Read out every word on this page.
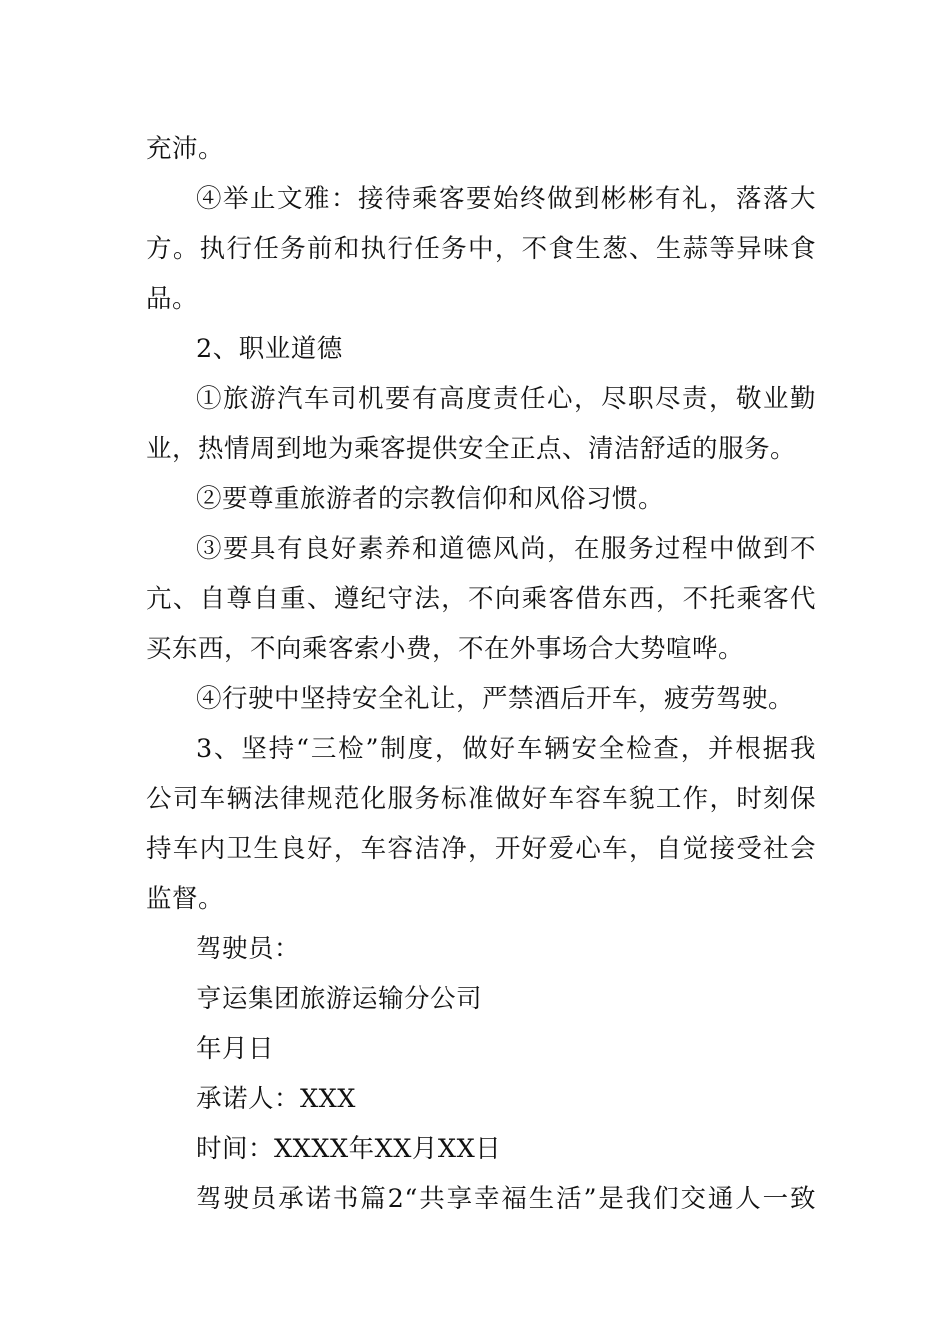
充沛。
④举止文雅：接待乘客要始终做到彬彬有礼，落落大
方。执行任务前和执行任务中，不食生葱、生蒜等异味食
品。
2、职业道德
①旅游汽车司机要有高度责任心，尽职尽责，敬业勤
业，热情周到地为乘客提供安全正点、清洁舒适的服务。
②要尊重旅游者的宗教信仰和风俗习惯。
③要具有良好素养和道德风尚，在服务过程中做到不
亢、自尊自重、遵纪守法，不向乘客借东西，不托乘客代
买东西，不向乘客索小费，不在外事场合大势喧哗。
④行驶中坚持安全礼让，严禁酒后开车，疲劳驾驶。
3、坚持“三检”制度，做好车辆安全检查，并根据我
公司车辆法律规范化服务标准做好车容车貌工作，时刻保
持车内卫生良好，车容洁净，开好爱心车，自觉接受社会
监督。
驾驶员：
亨运集团旅游运输分公司
年月日
承诺人：XXX
时间：XXXX年XX月XX日
驾驶员承诺书篇2“共享幸福生活”是我们交通人一致
